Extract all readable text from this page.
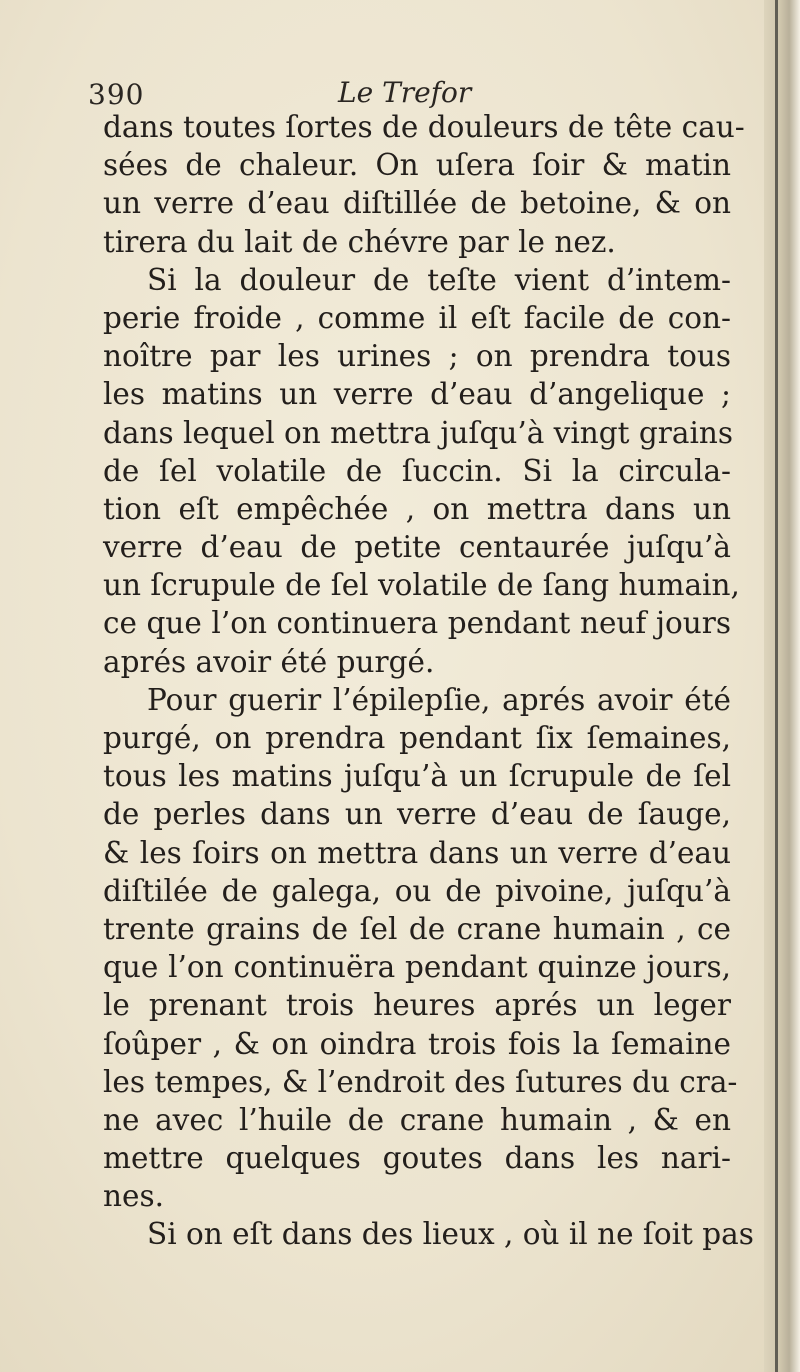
390	Le Trefor
dans toutes ſortes de douleurs de tête cau-
sées de chaleur. On uſera ſoir & matin
un verre d’eau diſtillée de betoine, & on
tirera du lait de chévre par le nez.
Si la douleur de teſte vient d’intem-
perie froide , comme il eſt facile de con-
noître par les urines ; on prendra tous
les matins un verre d’eau d’angelique ;
dans lequel on mettra juſqu’à vingt grains
de ſel volatile de ſuccin. Si la circula-
tion eſt empêchée , on mettra dans un
verre d’eau de petite centaurée juſqu’à
un ſcrupule de ſel volatile de ſang humain,
ce que l’on continuera pendant neuf jours
aprés avoir été purgé.
Pour guerir l’épilepſie, aprés avoir été
purgé, on prendra pendant ſix ſemaines,
tous les matins juſqu’à un ſcrupule de ſel
de perles dans un verre d’eau de ſauge,
& les ſoirs on mettra dans un verre d’eau
diſtilée de galega, ou de pivoine, juſqu’à
trente grains de ſel de crane humain , ce
que l’on continuëra pendant quinze jours,
le prenant trois heures aprés un leger
ſoûper , & on oindra trois fois la ſemaine
les tempes, & l’endroit des ſutures du cra-
ne avec l’huile de crane humain , & en
mettre quelques goutes dans les nari-
nes.
Si on eſt dans des lieux , où il ne ſoit pas
